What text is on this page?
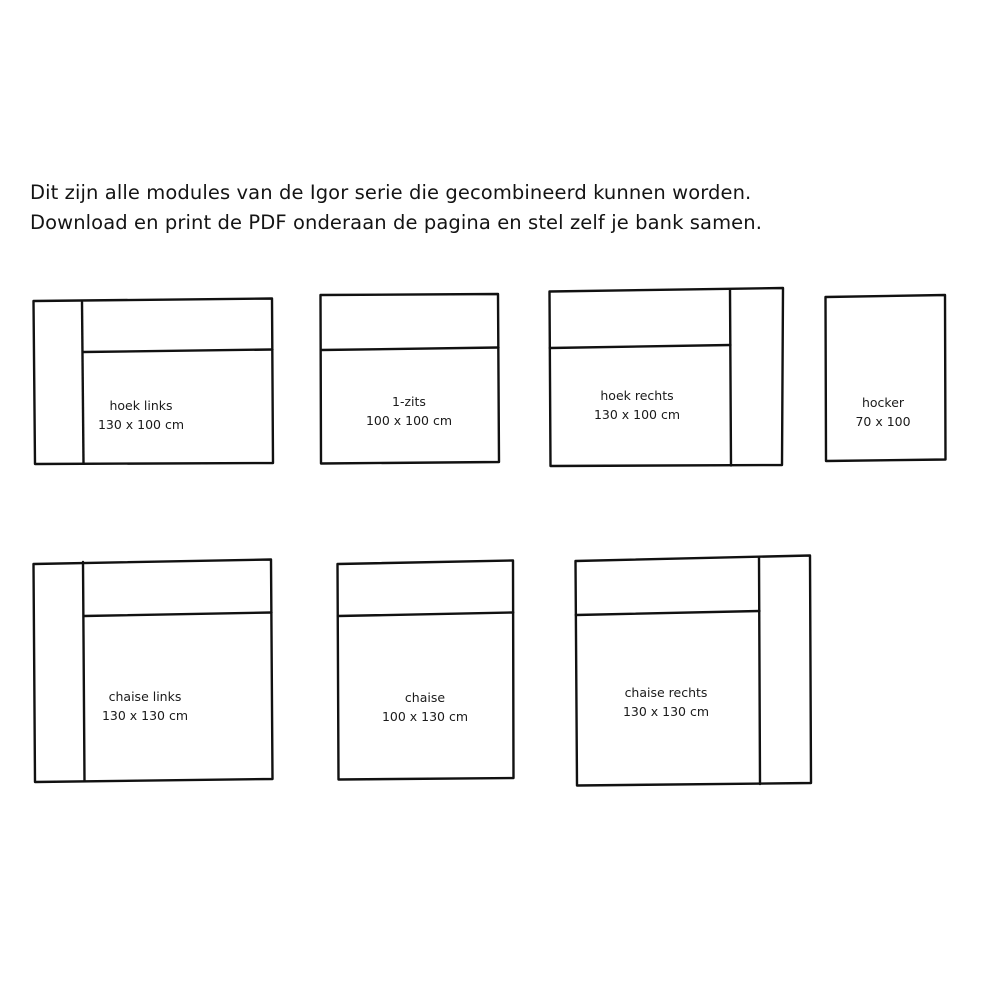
Dit zijn alle modules van de Igor serie die gecombineerd kunnen worden.
Download en print de PDF onderaan de pagina en stel zelf je bank samen.
hoek links
130 x 100 cm
1-zits
100 x 100 cm
hoek rechts
130 x 100 cm
hocker
70 x 100
chaise links
130 x 130 cm
chaise
100 x 130 cm
chaise rechts
130 x 130 cm
